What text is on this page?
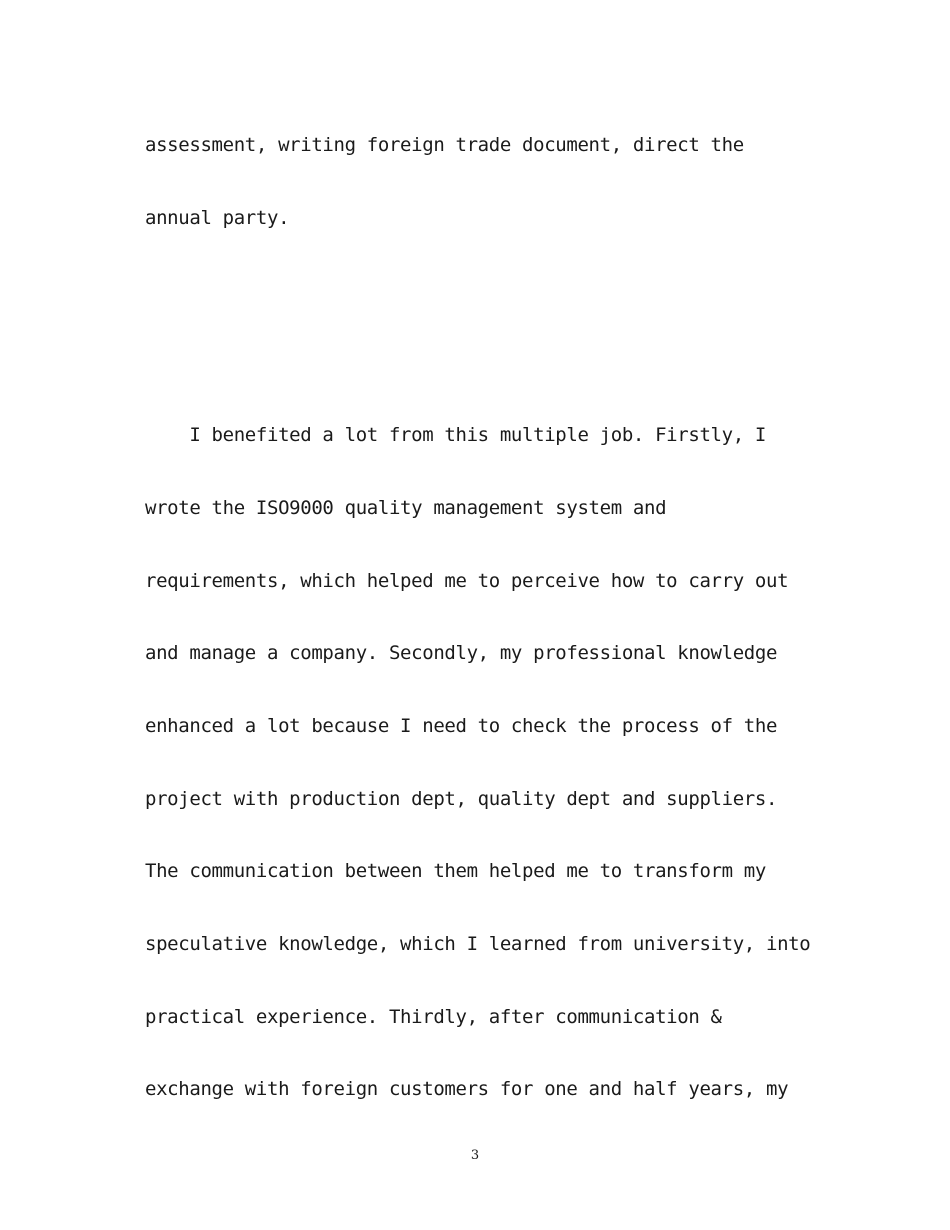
assessment, writing foreign trade document, direct the
annual party.
I benefited a lot from this multiple job. Firstly, I
wrote the ISO9000 quality management system and
requirements, which helped me to perceive how to carry out
and manage a company. Secondly, my professional knowledge
enhanced a lot because I need to check the process of the
project with production dept, quality dept and suppliers.
The communication between them helped me to transform my
speculative knowledge, which I learned from university, into
practical experience. Thirdly, after communication &
exchange with foreign customers for one and half years, my
3
